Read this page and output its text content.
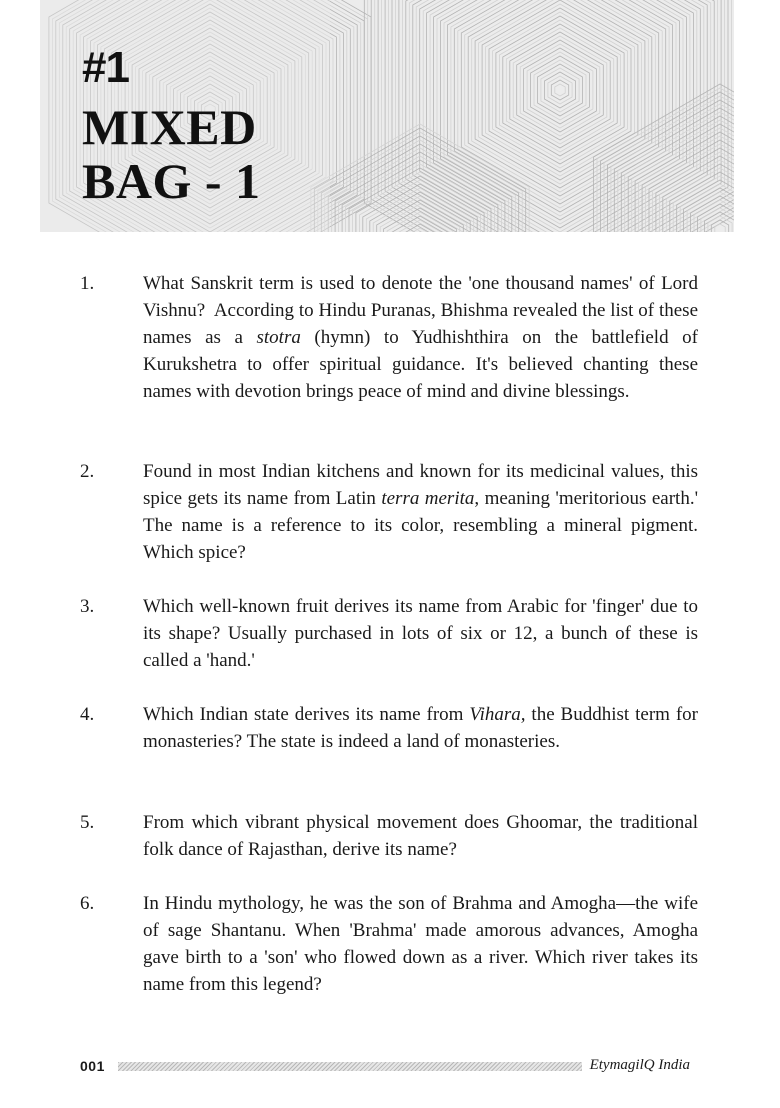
#1
MIXED
BAG - 1
1.	What Sanskrit term is used to denote the 'one thousand names' of Lord Vishnu?  According to Hindu Puranas, Bhishma revealed the list of these names as a stotra (hymn) to Yudhishthira on the battlefield of Kurukshetra to offer spiritual guidance. It's believed chanting these names with devotion brings peace of mind and divine blessings.

2.	Found in most Indian kitchens and known for its medicinal values, this spice gets its name from Latin terra merita, meaning 'meritorious earth.' The name is a reference to its color, resembling a mineral pigment. Which spice?

3.	Which well-known fruit derives its name from Arabic for 'finger' due to its shape? Usually purchased in lots of six or 12, a bunch of these is called a 'hand.'

4.	Which Indian state derives its name from Vihara, the Buddhist term for monasteries? The state is indeed a land of monasteries.

5.	From which vibrant physical movement does Ghoomar, the traditional folk dance of Rajasthan, derive its name?

6.	In Hindu mythology, he was the son of Brahma and Amogha—the wife of sage Shantanu. When 'Brahma' made amorous advances, Amogha gave birth to a 'son' who flowed down as a river. Which river takes its name from this legend?

001	EtymagilQ India
